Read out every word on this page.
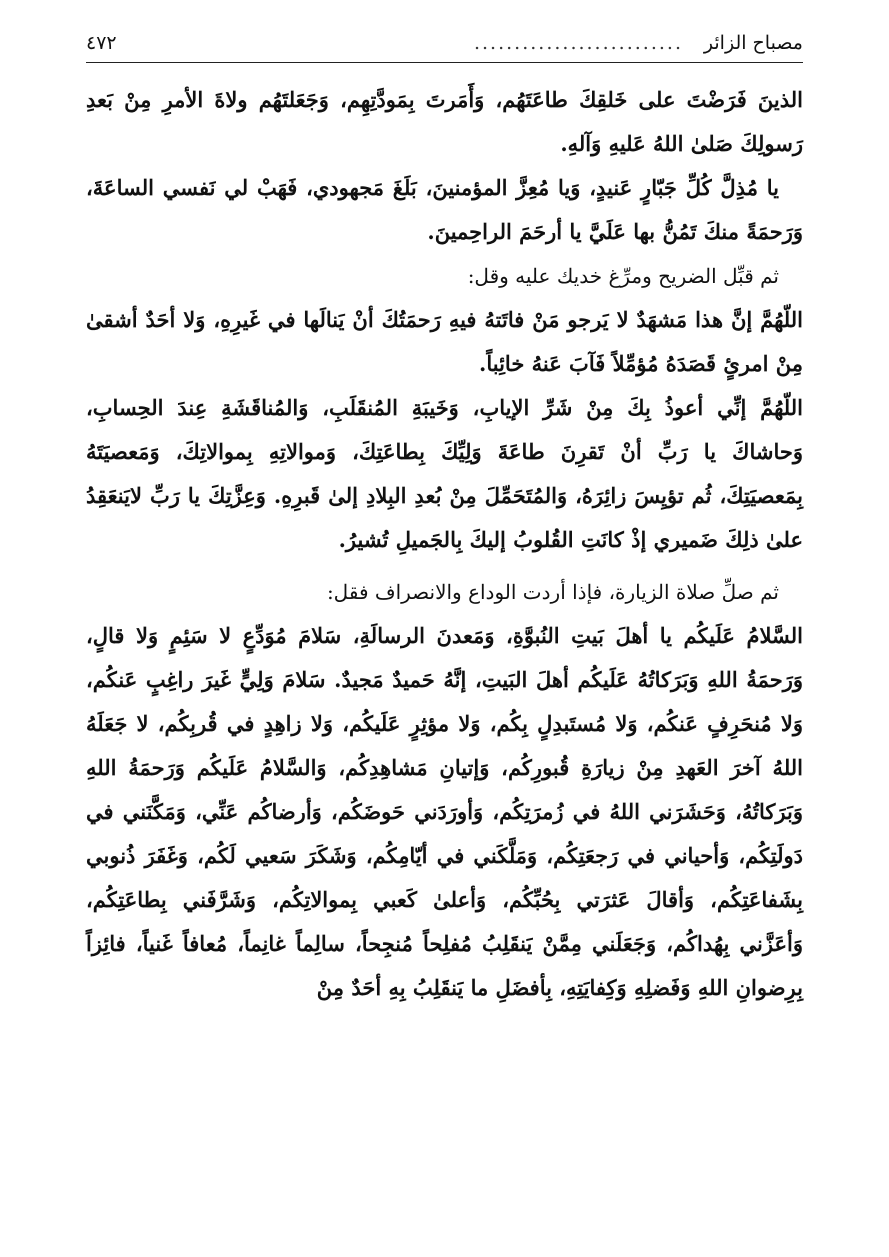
مصباح الزائر
..........................
٤٧٢

الذينَ فَرَضْتَ على خَلقِكَ طاعَتَهُم، وَأَمَرتَ بِمَودَّتِهِم، وَجَعَلتَهُم ولاةَ الأمرِ مِنْ بَعدِ رَسولِكَ صَلىٰ اللهُ عَليهِ وَآلهِ.

يا مُذِلَّ كُلِّ جَبّارٍ عَنيدٍ، وَيا مُعِزَّ المؤمنينَ، بَلَغَ مَجهودي، فَهَبْ لي نَفسي الساعَةَ، وَرَحمَةً منكَ تَمُنُّ بها عَلَيَّ يا أرحَمَ الراحِمينَ.

ثم قبِّل الضريح ومرِّغ خديك عليه وقل:

اللّهُمَّ إنَّ هذا مَشهَدٌ لا يَرجو مَنْ فاتَتهُ فيهِ رَحمَتُكَ أنْ يَنالَها في غَيرِهِ، وَلا أحَدٌ أشقىٰ مِنْ امرئٍ قَصَدَهُ مُؤمِّلاً فَآبَ عَنهُ خائِباً.

اللّهُمَّ إنِّي أعوذُ بِكَ مِنْ شَرِّ الإيابِ، وَخَيبَةِ المُنقَلَبِ، وَالمُناقَشَةِ عِندَ الحِسابِ، وَحاشاكَ يا رَبِّ أنْ تَقرِنَ طاعَةَ وَلِيِّكَ بِطاعَتِكَ، وَموالاتِهِ بِموالاتِكَ، وَمَعصيَتَهُ بِمَعصيَتِكَ، ثُم تؤيِسَ زائِرَهُ، وَالمُتَحَمِّلَ مِنْ بُعدِ البِلادِ إلىٰ قَبرِهِ. وَعِزَّتِكَ يا رَبِّ لايَنعَقِدُ علىٰ ذلِكَ ضَميري إذْ كانَتِ القُلوبُ إليكَ بِالجَميلِ تُشيرُ.

ثم صلِّ صلاة الزيارة، فإذا أردت الوداع والانصراف فقل:

السَّلامُ عَلَيكُم يا أهلَ بَيتِ النُبوَّةِ، وَمَعدنَ الرسالَةِ، سَلامَ مُوَدِّعٍ لا سَئِمٍ وَلا قالٍ، وَرَحمَةُ اللهِ وَبَرَكاتُهُ عَلَيكُم أهلَ البَيتِ، إنَّهُ حَميدٌ مَجيدٌ. سَلامَ وَلِيٍّ غَيرَ راغِبٍ عَنكُم، وَلا مُنحَرِفٍ عَنكُم، وَلا مُستَبدِلٍ بِكُم، وَلا مؤثِرٍ عَلَيكُم، وَلا زاهِدٍ في قُربِكُم، لا جَعَلَهُ اللهُ آخرَ العَهدِ مِنْ زيارَةِ قُبورِكُم، وَإتيانِ مَشاهِدِكُم، وَالسَّلامُ عَلَيكُم وَرَحمَةُ اللهِ وَبَرَكاتُهُ، وَحَشَرَني اللهُ في زُمرَتِكُم، وَأورَدَني حَوضَكُم، وَأرضاكُم عَنِّي، وَمَكَّنَني في دَولَتِكُم، وَأحياني في رَجعَتِكُم، وَمَلَّكَني في أيّامِكُم، وَشَكَرَ سَعيي لَكُم، وَغَفَرَ ذُنوبي بِشَفاعَتِكُم، وَأقالَ عَثرَتي بِحُبِّكُم، وَأعلىٰ كَعبي بِموالاتِكُم، وَشَرَّفَني بِطاعَتِكُم، وَأعَزَّني بِهُداكُم، وَجَعَلَني مِمَّنْ يَنقَلِبُ مُفلِحاً مُنجِحاً، سالِماً غانِماً، مُعافاً غَنياً، فائِزاً بِرِضوانِ اللهِ وَفَضلِهِ وَكِفايَتِهِ، بِأفضَلِ ما يَنقَلِبُ بِهِ أحَدٌ مِنْ
